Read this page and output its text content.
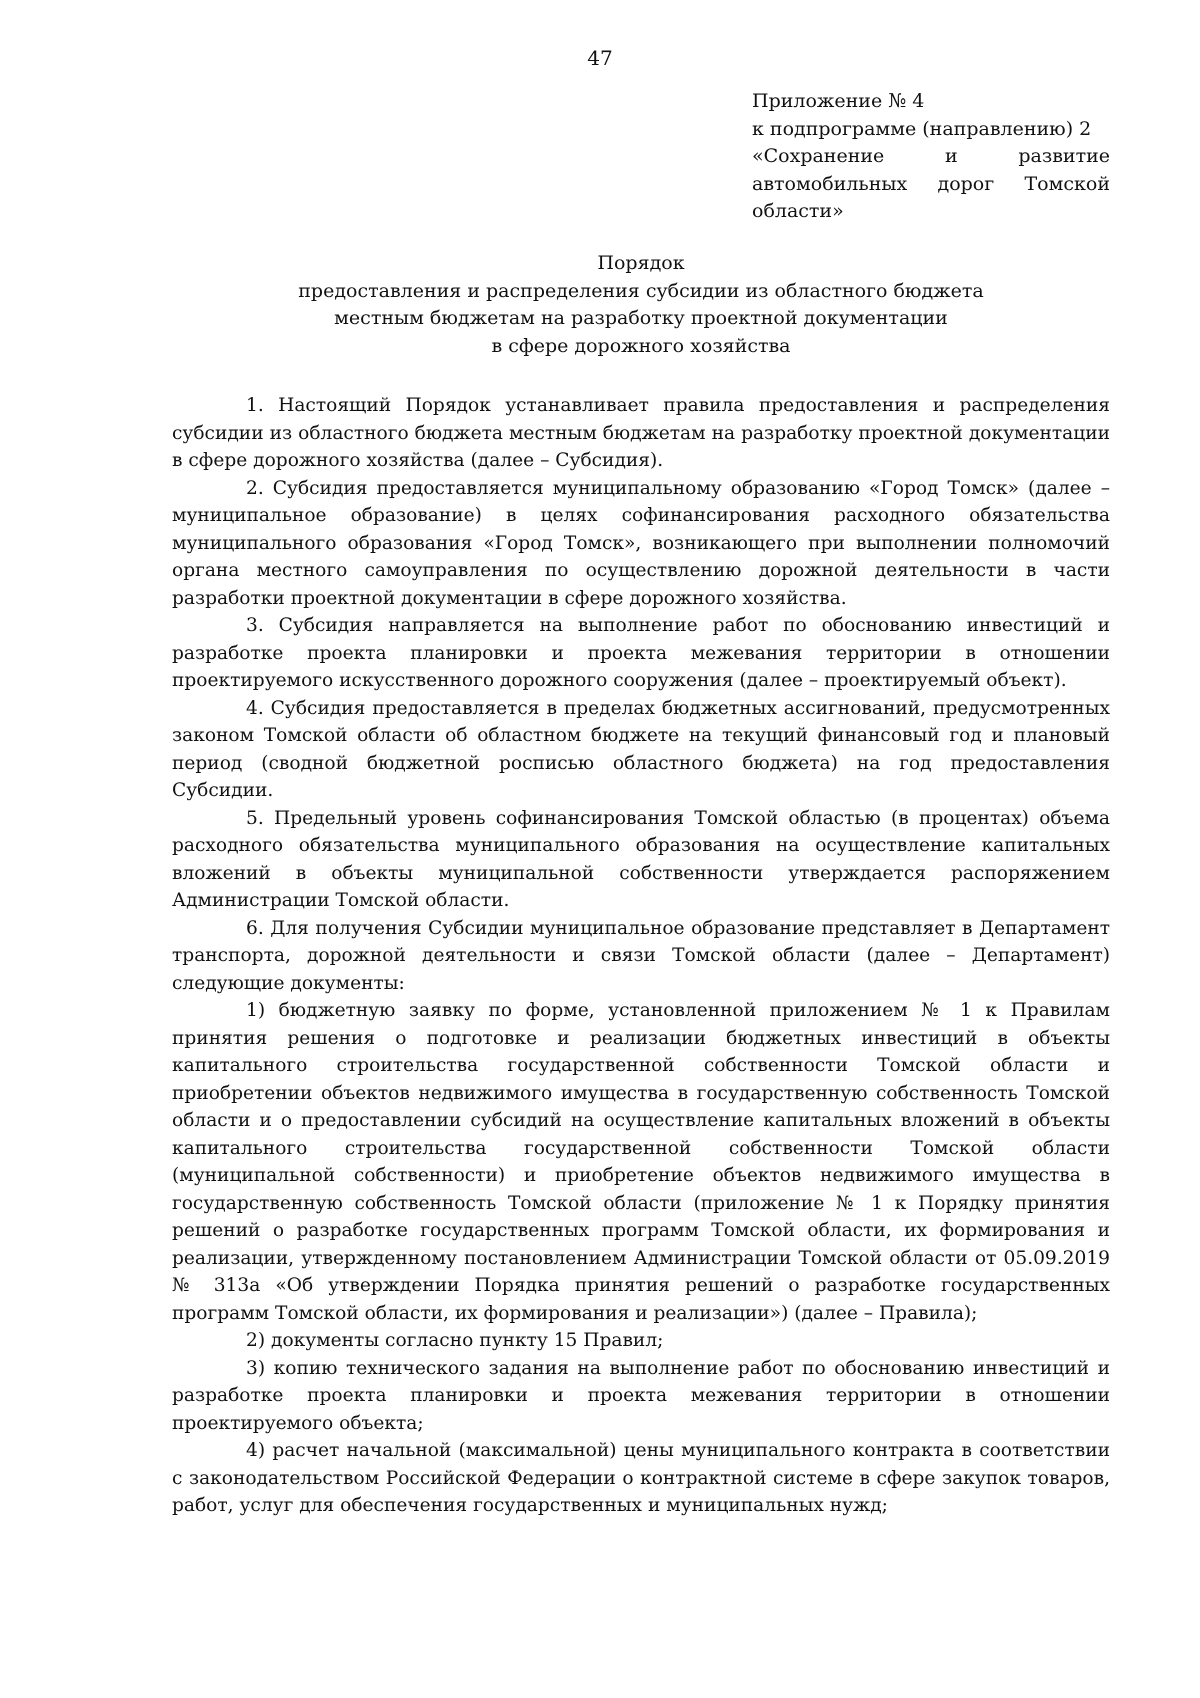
47
Приложение № 4
к подпрограмме (направлению) 2
«Сохранение и развитие
автомобильных дорог Томской
области»
Порядок
предоставления и распределения субсидии из областного бюджета
местным бюджетам на разработку проектной документации
в сфере дорожного хозяйства

1. Настоящий Порядок устанавливает правила предоставления и распределения субсидии из областного бюджета местным бюджетам на разработку проектной документации в сфере дорожного хозяйства (далее – Субсидия).

2. Субсидия предоставляется муниципальному образованию «Город Томск» (далее – муниципальное образование) в целях софинансирования расходного обязательства муниципального образования «Город Томск», возникающего при выполнении полномочий органа местного самоуправления по осуществлению дорожной деятельности в части разработки проектной документации в сфере дорожного хозяйства.

3. Субсидия направляется на выполнение работ по обоснованию инвестиций и разработке проекта планировки и проекта межевания территории в отношении проектируемого искусственного дорожного сооружения (далее – проектируемый объект).

4. Субсидия предоставляется в пределах бюджетных ассигнований, предусмотренных законом Томской области об областном бюджете на текущий финансовый год и плановый период (сводной бюджетной росписью областного бюджета) на год предоставления Субсидии.

5. Предельный уровень софинансирования Томской областью (в процентах) объема расходного обязательства муниципального образования на осуществление капитальных вложений в объекты муниципальной собственности утверждается распоряжением Администрации Томской области.

6. Для получения Субсидии муниципальное образование представляет в Департамент транспорта, дорожной деятельности и связи Томской области (далее – Департамент) следующие документы:

1) бюджетную заявку по форме, установленной приложением № 1 к Правилам принятия решения о подготовке и реализации бюджетных инвестиций в объекты капитального строительства государственной собственности Томской области и приобретении объектов недвижимого имущества в государственную собственность Томской области и о предоставлении субсидий на осуществление капитальных вложений в объекты капитального строительства государственной собственности Томской области (муниципальной собственности) и приобретение объектов недвижимого имущества в государственную собственность Томской области (приложение № 1 к Порядку принятия решений о разработке государственных программ Томской области, их формирования и реализации, утвержденному постановлением Администрации Томской области от 05.09.2019 № 313а «Об утверждении Порядка принятия решений о разработке государственных программ Томской области, их формирования и реализации») (далее – Правила);

2) документы согласно пункту 15 Правил;

3) копию технического задания на выполнение работ по обоснованию инвестиций и разработке проекта планировки и проекта межевания территории в отношении проектируемого объекта;

4) расчет начальной (максимальной) цены муниципального контракта в соответствии с законодательством Российской Федерации о контрактной системе в сфере закупок товаров, работ, услуг для обеспечения государственных и муниципальных нужд;
